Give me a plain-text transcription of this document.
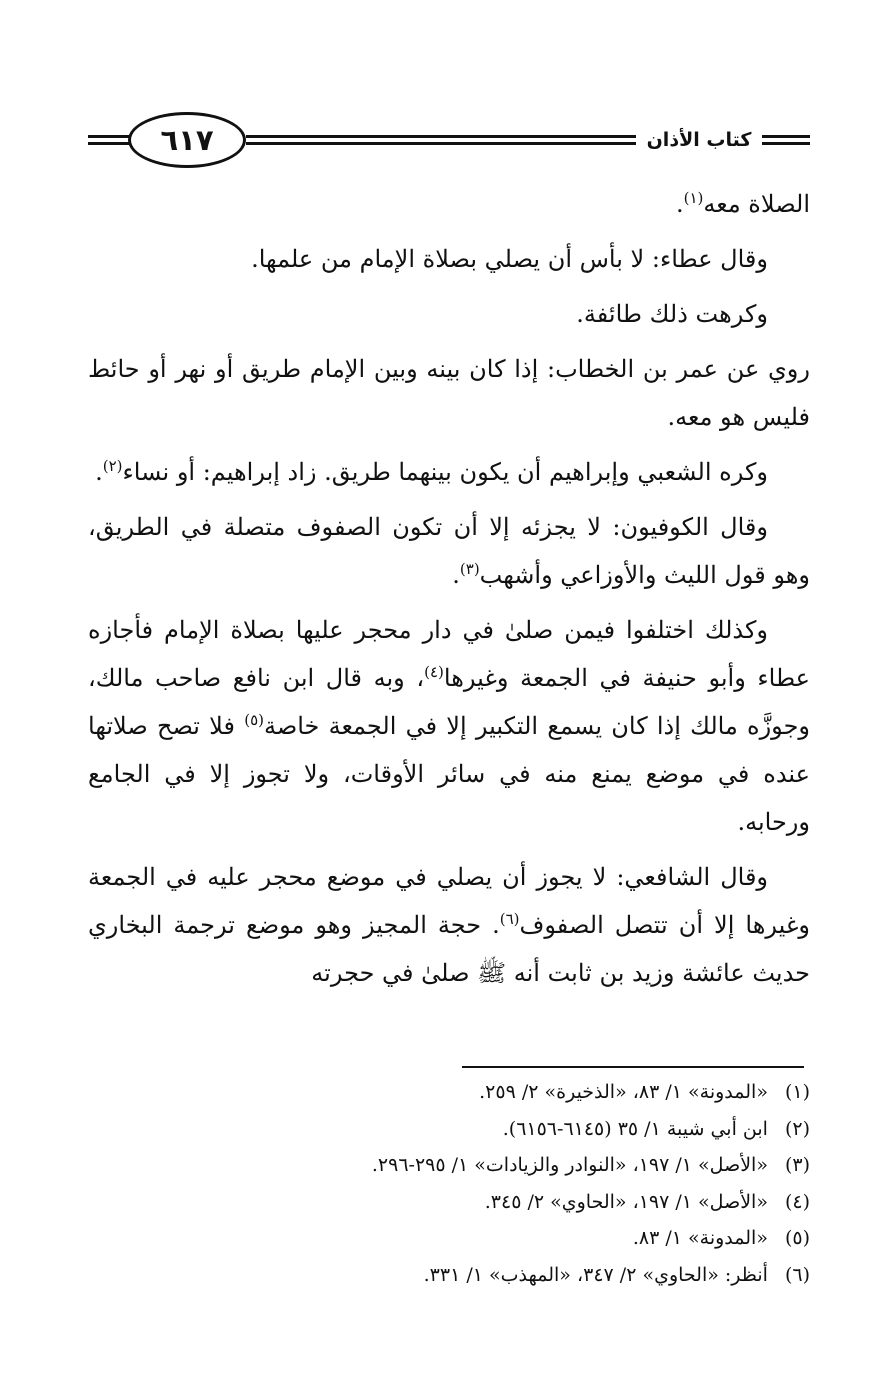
٦١٧	كتاب الأذان

الصلاة معه$^{(١)}$.

وقال عطاء: لا بأس أن يصلي بصلاة الإمام من علمها.

وكرهت ذلك طائفة.

روي عن عمر بن الخطاب: إذا كان بينه وبين الإمام طريق أو نهر أو حائط فليس هو معه.

وكره الشعبي وإبراهيم أن يكون بينهما طريق. زاد إبراهيم: أو نساء$^{(٢)}$.

وقال الكوفيون: لا يجزئه إلا أن تكون الصفوف متصلة في الطريق، وهو قول الليث والأوزاعي وأشهب$^{(٣)}$.

وكذلك اختلفوا فيمن صلىٰ في دار محجر عليها بصلاة الإمام فأجازه عطاء وأبو حنيفة في الجمعة وغيرها$^{(٤)}$، وبه قال ابن نافع صاحب مالك، وجوزَّه مالك إذا كان يسمع التكبير إلا في الجمعة خاصة$^{(٥)}$ فلا تصح صلاتها عنده في موضع يمنع منه في سائر الأوقات، ولا تجوز إلا في الجامع ورحابه.

وقال الشافعي: لا يجوز أن يصلي في موضع محجر عليه في الجمعة وغيرها إلا أن تتصل الصفوف$^{(٦)}$. حجة المجيز وهو موضع ترجمة البخاري حديث عائشة وزيد بن ثابت أنه ﷺ صلىٰ في حجرته

(١) «المدونة» ١/ ٨٣، «الذخيرة» ٢/ ٢٥٩.
(٢) ابن أبي شيبة ١/ ٣٥ (٦١٤٥-٦١٥٦).
(٣) «الأصل» ١/ ١٩٧، «النوادر والزيادات» ١/ ٢٩٥-٢٩٦.
(٤) «الأصل» ١/ ١٩٧، «الحاوي» ٢/ ٣٤٥.
(٥) «المدونة» ١/ ٨٣.
(٦) أنظر: «الحاوي» ٢/ ٣٤٧، «المهذب» ١/ ٣٣١.
